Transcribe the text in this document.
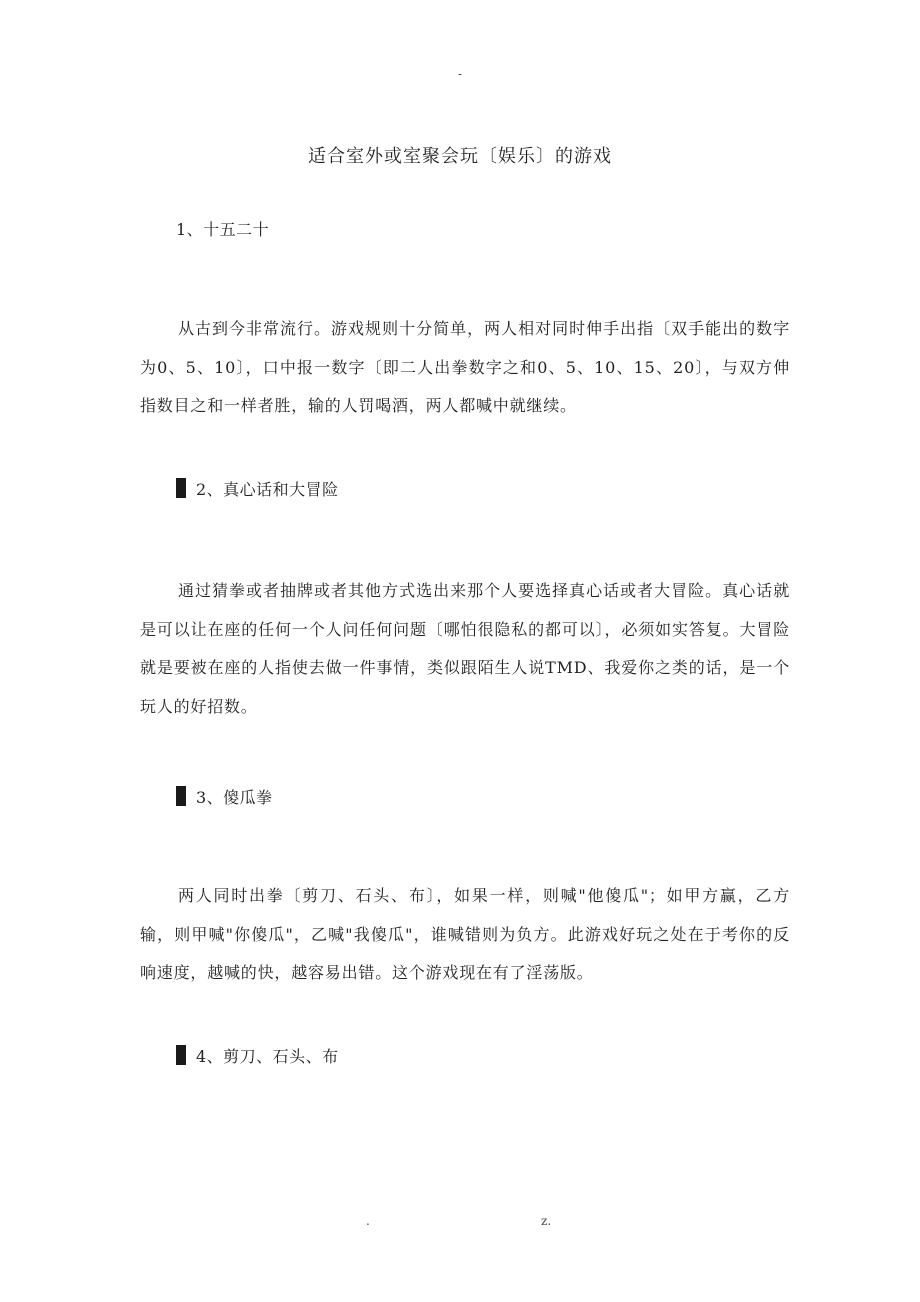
-
适合室外或室聚会玩〔娱乐〕的游戏
1、十五二十

从古到今非常流行。游戏规则十分简单，两人相对同时伸手出指〔双手能出的数字为0、5、10〕，口中报一数字〔即二人出拳数字之和0、5、10、15、20〕，与双方伸指数目之和一样者胜，输的人罚喝酒，两人都喊中就继续。

2、真心话和大冒险

通过猜拳或者抽牌或者其他方式选出来那个人要选择真心话或者大冒险。真心话就是可以让在座的任何一个人问任何问题〔哪怕很隐私的都可以〕，必须如实答复。大冒险就是要被在座的人指使去做一件事情，类似跟陌生人说TMD、我爱你之类的话，是一个玩人的好招数。

3、傻瓜拳

两人同时出拳〔剪刀、石头、布〕，如果一样，则喊"他傻瓜"；如甲方赢，乙方输，则甲喊"你傻瓜"，乙喊"我傻瓜"，谁喊错则为负方。此游戏好玩之处在于考你的反响速度，越喊的快，越容易出错。这个游戏现在有了淫荡版。

4、剪刀、石头、布
.	z.
